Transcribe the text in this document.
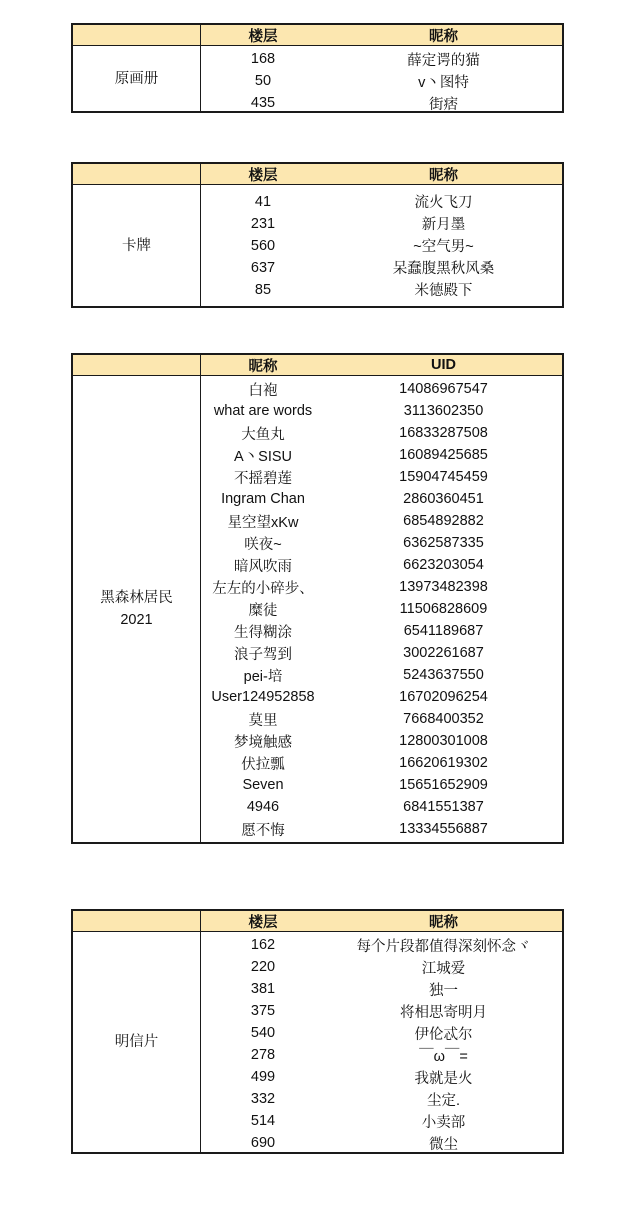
原画册
楼层	昵称
168	薛定谔的猫
50	v丶图特
435	街痞
卡牌
楼层	昵称
41	流火飞刀
231	新月墨
560	~空气男~
637	呆蠢腹黑秋风桑
85	米德殿下
黑森林居民
2021
昵称	UID
白袍	14086967547
what are words	3113602350
大鱼丸	16833287508
A丶SISU	16089425685
不摇碧莲	15904745459
Ingram Chan	2860360451
星空望xKw	6854892882
咲夜~	6362587335
暗风吹雨	6623203054
左左的小碎步、	13973482398
糜徒	11506828609
生得糊涂	6541189687
浪子驾到	3002261687
pei-培	5243637550
User124952858	16702096254
莫里	7668400352
梦境触感	12800301008
伏拉瓢	16620619302
Seven	15651652909
4946	6841551387
愿不悔	13334556887
明信片
楼层	昵称
162	每个片段都值得深刻怀念ヾ
220	江城爱
381	独一
375	将相思寄明月
540	伊伦忒尔
278	￣ω￣=
499	我就是火
332	尘定.
514	小卖部
690	微尘
